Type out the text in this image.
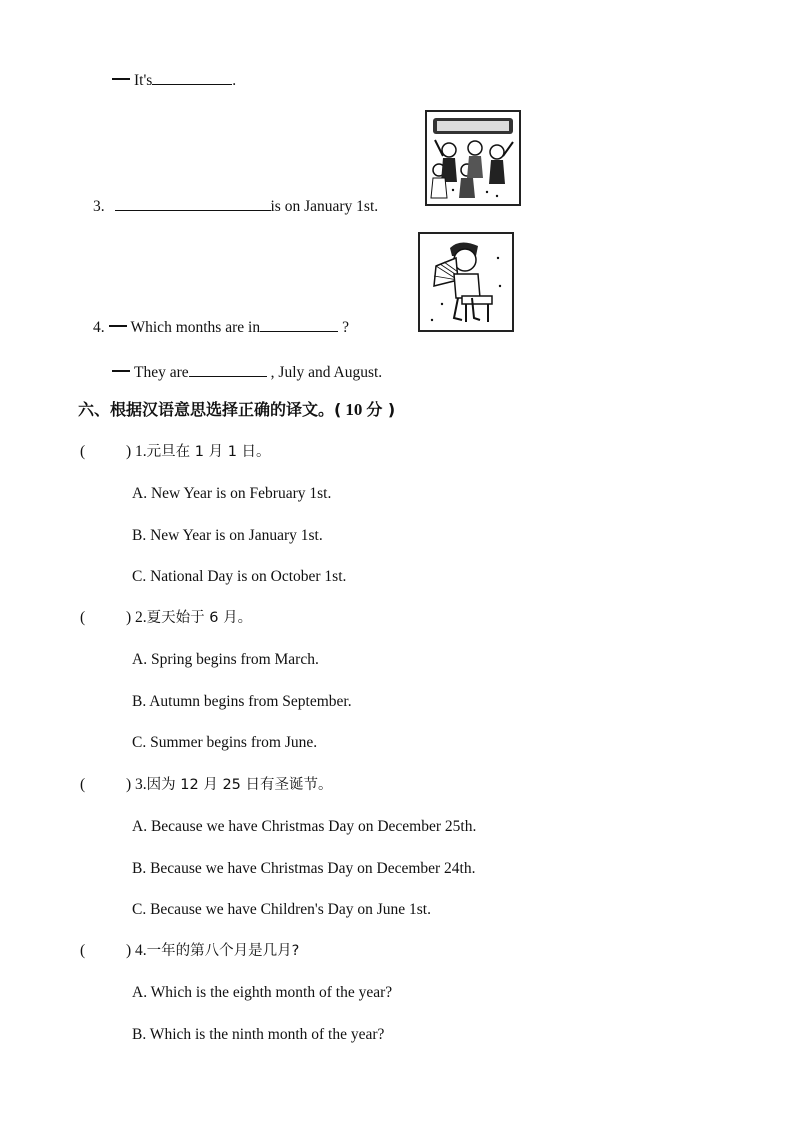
It's	.
3.	is on January 1st.
4. Which months are in	?
They are	, July and August.
六、根据汉语意思选择正确的译文。( 10 分 )
(	) 1.元旦在 1 月 1 日。
A. New Year is on February 1st.
B. New Year is on January 1st.
C. National Day is on October 1st.
(	) 2.夏天始于 6 月。
A. Spring begins from March.
B. Autumn begins from September.
C. Summer begins from June.
(	) 3.因为 12 月 25 日有圣诞节。
A. Because we have Christmas Day on December 25th.
B. Because we have Christmas Day on December 24th.
C. Because we have Children's Day on June 1st.
(	) 4.一年的第八个月是几月?
A. Which is the eighth month of the year?
B. Which is the ninth month of the year?
